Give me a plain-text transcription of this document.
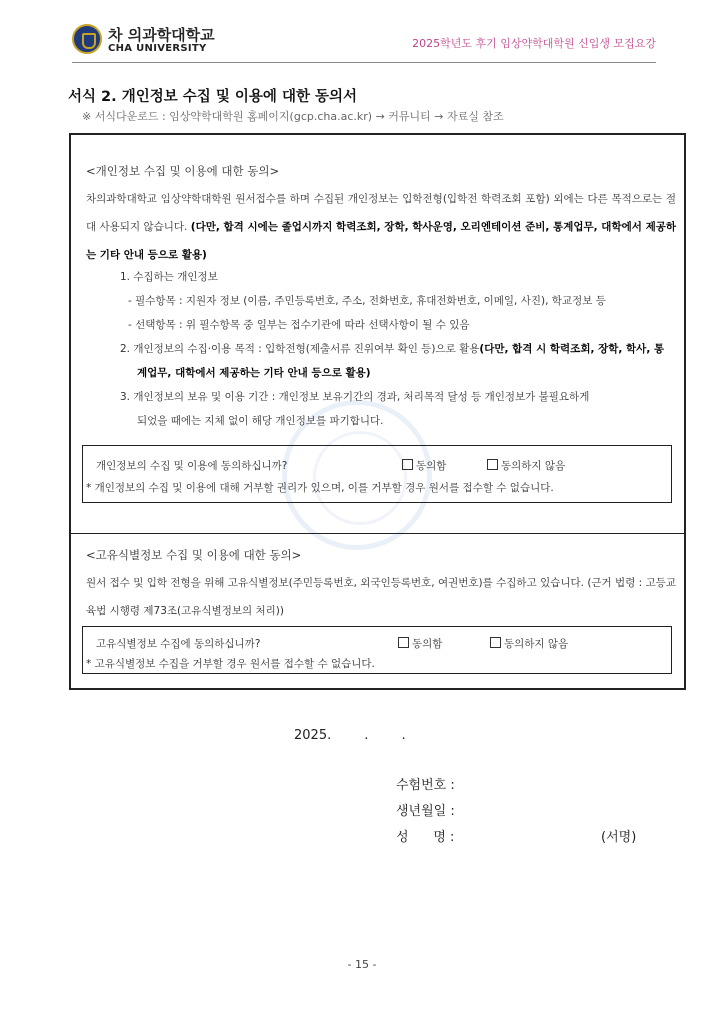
차 의과학대학교
CHA UNIVERSITY	2025학년도 후기 임상약학대학원 신입생 모집요강
서식 2. 개인정보 수집 및 이용에 대한 동의서
※ 서식다운로드 : 임상약학대학원 홈페이지(gcp.cha.ac.kr) → 커뮤니티 → 자료실 참조
<개인정보 수집 및 이용에 대한 동의>
차의과학대학교 임상약학대학원 원서접수를 하며 수집된 개인정보는 입학전형(입학전 학력조회 포함) 외에는 다른 목적으로는 절대 사용되지 않습니다. (다만, 합격 시에는 졸업시까지 학력조회, 장학, 학사운영, 오리엔테이션 준비, 통계업무, 대학에서 제공하는 기타 안내 등으로 활용)
1. 수집하는 개인정보
- 필수항목 : 지원자 정보 (이름, 주민등록번호, 주소, 전화번호, 휴대전화번호, 이메일, 사진), 학교정보 등
- 선택항목 : 위 필수항목 중 일부는 접수기관에 따라 선택사항이 될 수 있음
2. 개인정보의 수집·이용 목적 : 입학전형(제출서류 진위여부 확인 등)으로 활용(다만, 합격 시 학력조회, 장학, 학사, 통
계업무, 대학에서 제공하는 기타 안내 등으로 활용)
3. 개인정보의 보유 및 이용 기간 : 개인정보 보유기간의 경과, 처리목적 달성 등 개인정보가 불필요하게
되었을 때에는 지체 없이 해당 개인정보를 파기합니다.
개인정보의 수집 및 이용에 동의하십니까?	동의함	동의하지 않음
* 개인정보의 수집 및 이용에 대해 거부할 권리가 있으며, 이를 거부할 경우 원서를 접수할 수 없습니다.
<고유식별정보 수집 및 이용에 대한 동의>
원서 접수 및 입학 전형을 위해 고유식별정보(주민등록번호, 외국인등록번호, 여권번호)를 수집하고 있습니다. (근거 법령 : 고등교육법 시행령 제73조(고유식별정보의 처리))
고유식별정보 수집에 동의하십니까?	동의함	동의하지 않음
* 고유식별정보 수집을 거부할 경우 원서를 접수할 수 없습니다.
2025.        .        .
수험번호 :
생년월일 :
성      명 :	(서명)
- 15 -
